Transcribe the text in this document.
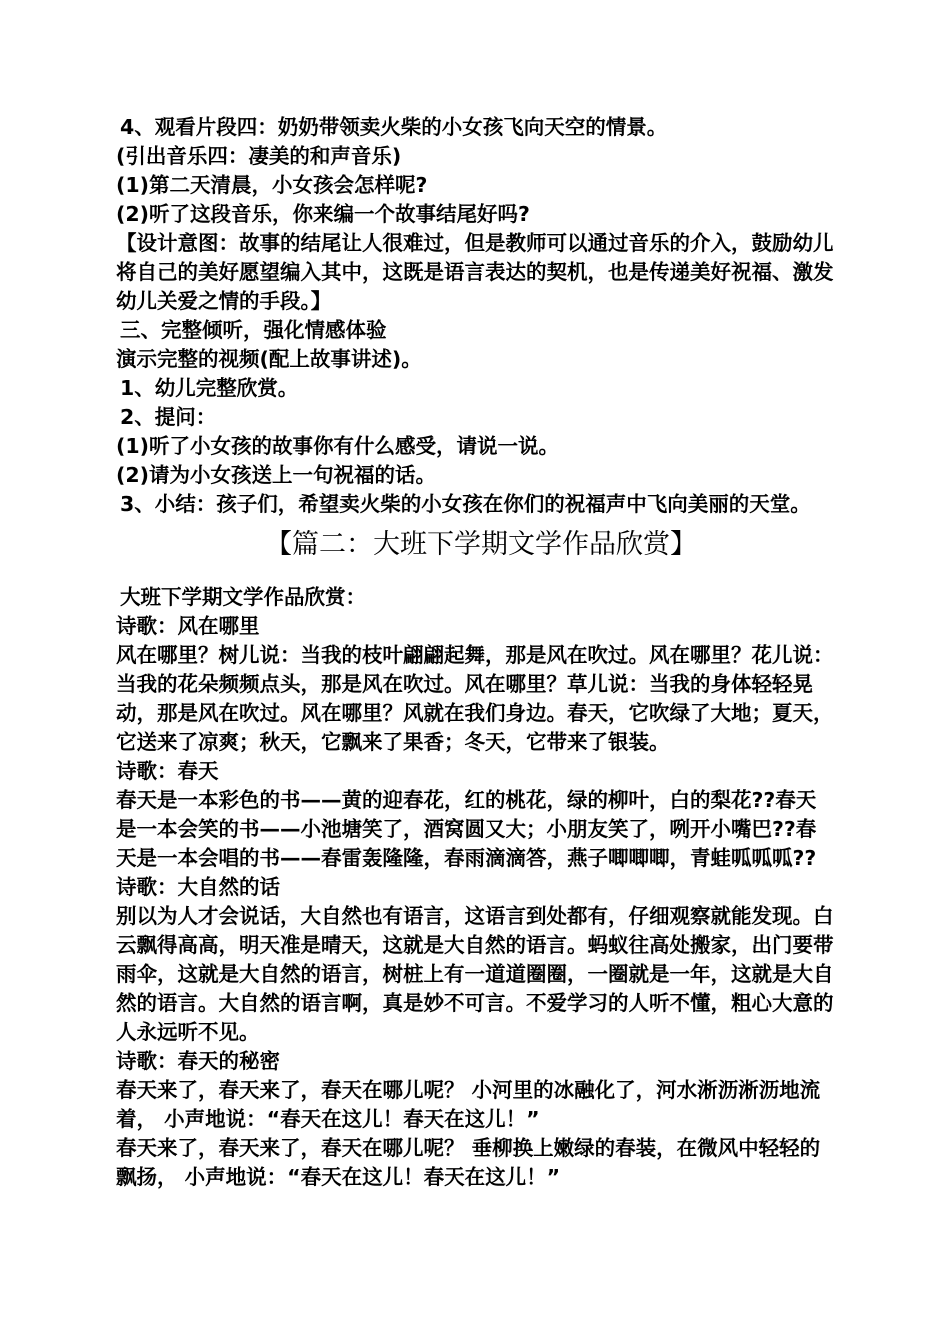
4、观看片段四：奶奶带领卖火柴的小女孩飞向天空的情景。

(引出音乐四：凄美的和声音乐)

(1)第二天清晨，小女孩会怎样呢?

(2)听了这段音乐，你来编一个故事结尾好吗?

【设计意图：故事的结尾让人很难过，但是教师可以通过音乐的介入，鼓励幼儿将自己的美好愿望编入其中，这既是语言表达的契机，也是传递美好祝福、激发幼儿关爱之情的手段。】

三、完整倾听，强化情感体验

演示完整的视频(配上故事讲述)。

1、幼儿完整欣赏。

2、提问：

(1)听了小女孩的故事你有什么感受，请说一说。

(2)请为小女孩送上一句祝福的话。

3、小结：孩子们，希望卖火柴的小女孩在你们的祝福声中飞向美丽的天堂。

【篇二：大班下学期文学作品欣赏】

大班下学期文学作品欣赏：

诗歌：风在哪里

风在哪里？树儿说：当我的枝叶翩翩起舞，那是风在吹过。风在哪里？花儿说：当我的花朵频频点头，那是风在吹过。风在哪里？草儿说：当我的身体轻轻晃动，那是风在吹过。风在哪里？风就在我们身边。春天，它吹绿了大地；夏天，它送来了凉爽；秋天，它飘来了果香；冬天，它带来了银装。

诗歌：春天

春天是一本彩色的书——黄的迎春花，红的桃花，绿的柳叶，白的梨花??春天是一本会笑的书——小池塘笑了，酒窝圆又大；小朋友笑了，咧开小嘴巴??春天是一本会唱的书——春雷轰隆隆，春雨滴滴答，燕子唧唧唧，青蛙呱呱呱??

诗歌：大自然的话

别以为人才会说话，大自然也有语言，这语言到处都有，仔细观察就能发现。白云飘得高高，明天准是晴天，这就是大自然的语言。蚂蚁往高处搬家，出门要带雨伞，这就是大自然的语言，树桩上有一道道圈圈，一圈就是一年，这就是大自然的语言。大自然的语言啊，真是妙不可言。不爱学习的人听不懂，粗心大意的人永远听不见。

诗歌：春天的秘密

春天来了，春天来了，春天在哪儿呢？ 小河里的冰融化了，河水淅沥淅沥地流着， 小声地说：“春天在这儿！春天在这儿！”

春天来了，春天来了，春天在哪儿呢？ 垂柳换上嫩绿的春装，在微风中轻轻的飘扬， 小声地说：“春天在这儿！春天在这儿！”
